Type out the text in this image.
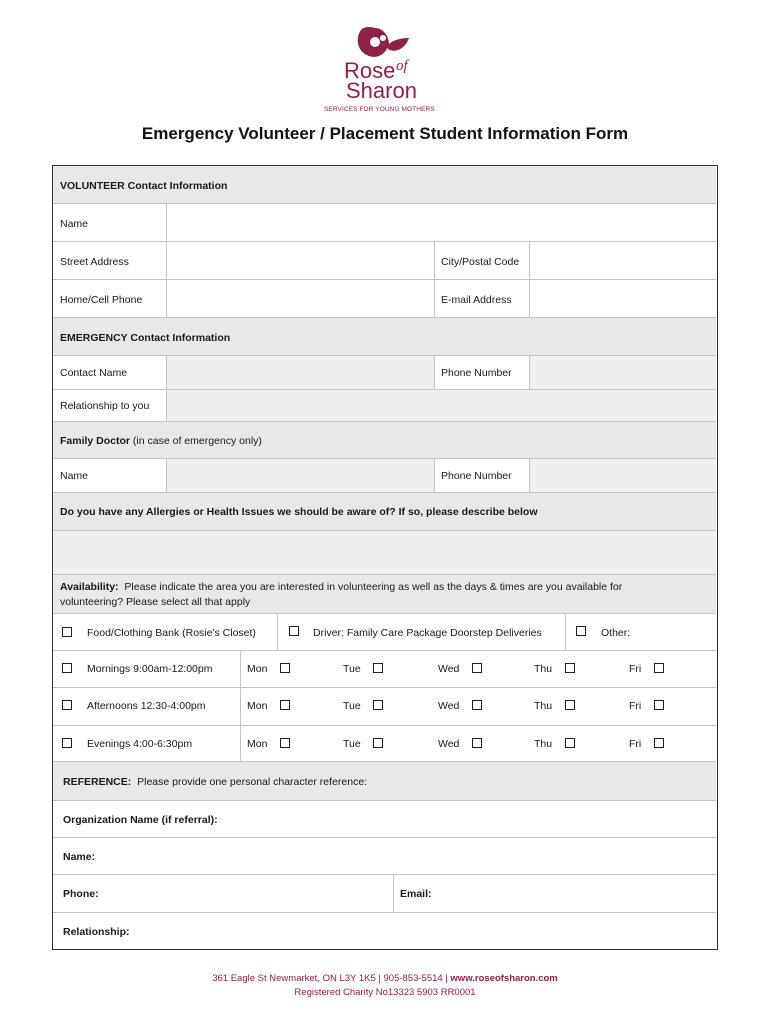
Rose of
Sharon
SERVICES FOR YOUNG MOTHERS
Emergency Volunteer / Placement Student Information Form
VOLUNTEER Contact Information
Name
Street Address	City/Postal Code
Home/Cell Phone	E-mail Address
EMERGENCY Contact Information
Contact Name	Phone Number
Relationship to you
Family Doctor (in case of emergency only)
Name	Phone Number
Do you have any Allergies or Health Issues we should be aware of? If so, please describe below
Availability: Please indicate the area you are interested in volunteering as well as the days & times are you available for
volunteering? Please select all that apply
Food/Clothing Bank (Rosie's Closet)	Driver: Family Care Package Doorstep Deliveries	Other:
Mornings 9:00am-12:00pm	Mon	Tue	Wed	Thu	Fri
Afternoons 12:30-4:00pm	Mon	Tue	Wed	Thu	Fri
Evenings 4:00-6:30pm	Mon	Tue	Wed	Thu	Fri
REFERENCE: Please provide one personal character reference:
Organization Name (if referral):
Name:
Phone:	Email:
Relationship:
361 Eagle St Newmarket, ON L3Y 1K5 | 905-853-5514 | www.roseofsharon.com
Registered Charity No13323 5903 RR0001
